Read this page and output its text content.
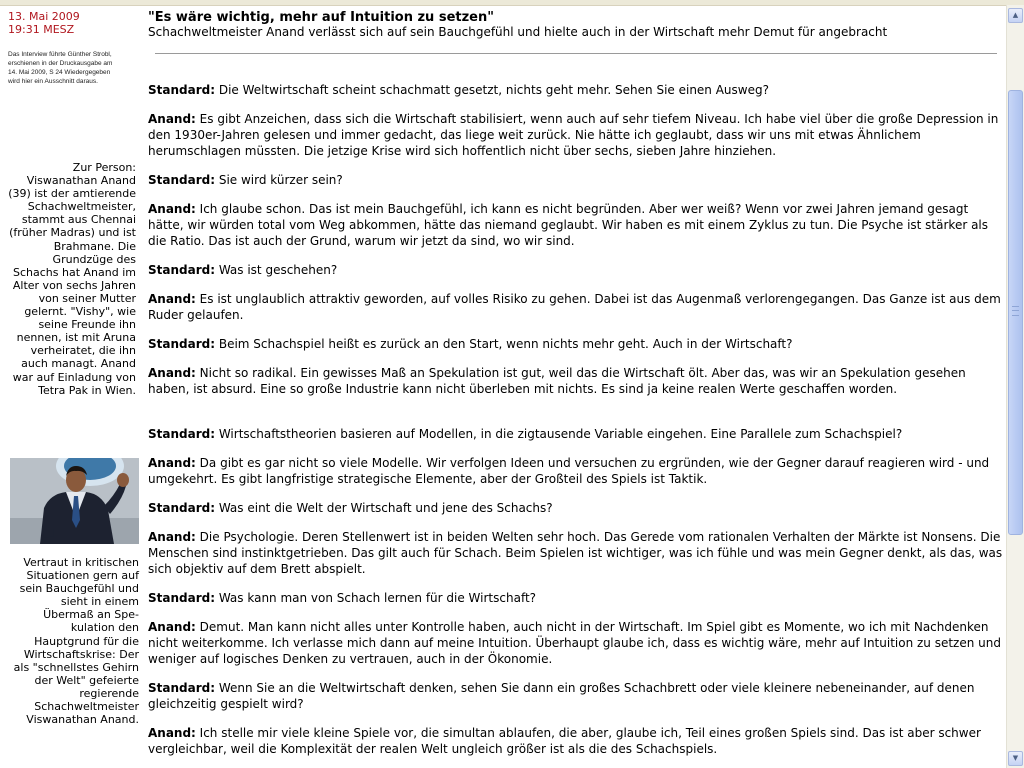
13. Mai 2009
19:31 MESZ
Das Interview führte Günther Strobl, erschienen in der Druckausgabe am 14. Mai 2009, S 24 Wiedergegeben wird hier ein Ausschnitt daraus.
Zur Person: Viswanathan Anand (39) ist der amtierende Schachweltmeister, stammt aus Chennai (früher Madras) und ist Brahmane. Die Grundzüge des Schachs hat Anand im Alter von sechs Jahren von seiner Mutter gelernt. "Vishy", wie seine Freunde ihn nennen, ist mit Aruna verheiratet, die ihn auch managt. Anand war auf Einladung von Tetra Pak in Wien.
Vertraut in kritischen Situationen gern auf sein Bauchgefühl und sieht in einem Übermaß an Spe-kulation den Hauptgrund für die Wirtschaftskrise: Der als "schnellstes Gehirn der Welt" gefeierte regierende Schachweltmeister Viswanathan Anand.
"Es wäre wichtig, mehr auf Intuition zu setzen"
Schachweltmeister Anand verlässt sich auf sein Bauchgefühl und hielte auch in der Wirtschaft mehr Demut für angebracht
Standard: Die Weltwirtschaft scheint schachmatt gesetzt, nichts geht mehr. Sehen Sie einen Ausweg?
Anand: Es gibt Anzeichen, dass sich die Wirtschaft stabilisiert, wenn auch auf sehr tiefem Niveau. Ich habe viel über die große Depression in den 1930er-Jahren gelesen und immer gedacht, das liege weit zurück. Nie hätte ich geglaubt, dass wir uns mit etwas Ähnlichem herumschlagen müssten. Die jetzige Krise wird sich hoffentlich nicht über sechs, sieben Jahre hinziehen.
Standard: Sie wird kürzer sein?
Anand: Ich glaube schon. Das ist mein Bauchgefühl, ich kann es nicht begründen. Aber wer weiß? Wenn vor zwei Jahren jemand gesagt hätte, wir würden total vom Weg abkommen, hätte das niemand geglaubt. Wir haben es mit einem Zyklus zu tun. Die Psyche ist stärker als die Ratio. Das ist auch der Grund, warum wir jetzt da sind, wo wir sind.
Standard: Was ist geschehen?
Anand: Es ist unglaublich attraktiv geworden, auf volles Risiko zu gehen. Dabei ist das Augenmaß verlorengegangen. Das Ganze ist aus dem Ruder gelaufen.
Standard: Beim Schachspiel heißt es zurück an den Start, wenn nichts mehr geht. Auch in der Wirtschaft?
Anand: Nicht so radikal. Ein gewisses Maß an Spekulation ist gut, weil das die Wirtschaft ölt. Aber das, was wir an Spekulation gesehen haben, ist absurd. Eine so große Industrie kann nicht überleben mit nichts. Es sind ja keine realen Werte geschaffen worden.
Standard: Wirtschaftstheorien basieren auf Modellen, in die zigtausende Variable eingehen. Eine Parallele zum Schachspiel?
Anand: Da gibt es gar nicht so viele Modelle. Wir verfolgen Ideen und versuchen zu ergründen, wie der Gegner darauf reagieren wird - und umgekehrt. Es gibt langfristige strategische Elemente, aber der Großteil des Spiels ist Taktik.
Standard: Was eint die Welt der Wirtschaft und jene des Schachs?
Anand: Die Psychologie. Deren Stellenwert ist in beiden Welten sehr hoch. Das Gerede vom rationalen Verhalten der Märkte ist Nonsens. Die Menschen sind instinktgetrieben. Das gilt auch für Schach. Beim Spielen ist wichtiger, was ich fühle und was mein Gegner denkt, als das, was sich objektiv auf dem Brett abspielt.
Standard: Was kann man von Schach lernen für die Wirtschaft?
Anand: Demut. Man kann nicht alles unter Kontrolle haben, auch nicht in der Wirtschaft. Im Spiel gibt es Momente, wo ich mit Nachdenken nicht weiterkomme. Ich verlasse mich dann auf meine Intuition. Überhaupt glaube ich, dass es wichtig wäre, mehr auf Intuition zu setzen und weniger auf logisches Denken zu vertrauen, auch in der Ökonomie.
Standard: Wenn Sie an die Weltwirtschaft denken, sehen Sie dann ein großes Schachbrett oder viele kleinere nebeneinander, auf denen gleichzeitig gespielt wird?
Anand: Ich stelle mir viele kleine Spiele vor, die simultan ablaufen, die aber, glaube ich, Teil eines großen Spiels sind. Das ist aber schwer vergleichbar, weil die Komplexität der realen Welt ungleich größer ist als die des Schachspiels.
▲
▼
